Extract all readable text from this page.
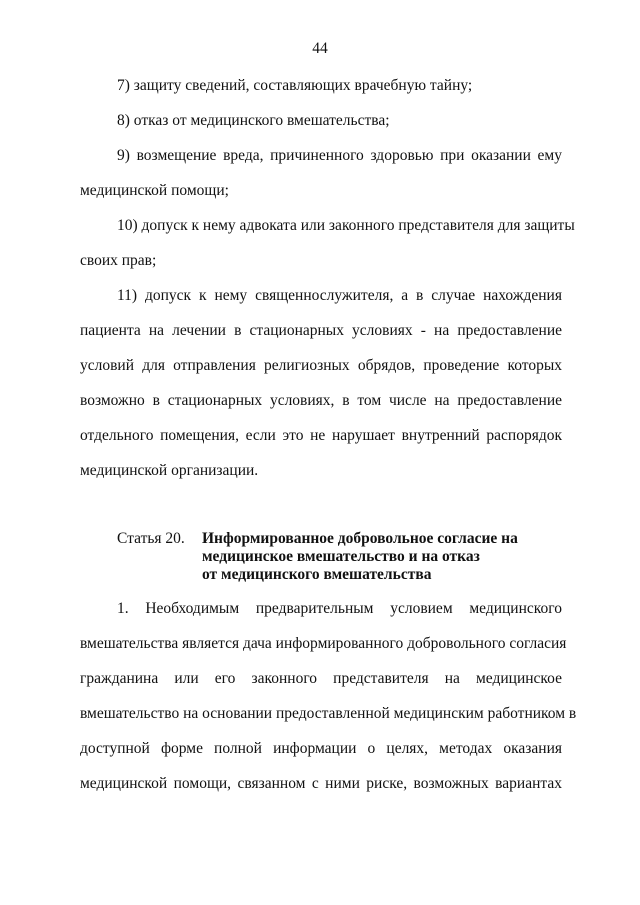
44

7) защиту сведений, составляющих врачебную тайну;

8) отказ от медицинского вмешательства;

9) возмещение вреда, причиненного здоровью при оказании ему

медицинской помощи;

10) допуск к нему адвоката или законного представителя для защиты

своих прав;

11) допуск к нему священнослужителя, а в случае нахождения

пациента на лечении в стационарных условиях - на предоставление

условий для отправления религиозных обрядов, проведение которых

возможно в стационарных условиях, в том числе на предоставление

отдельного помещения, если это не нарушает внутренний распорядок

медицинской организации.

Статья 20. Информированное добровольное согласие на

медицинское вмешательство и на отказ

от медицинского вмешательства

1. Необходимым предварительным условием медицинского

вмешательства является дача информированного добровольного согласия

гражданина или его законного представителя на медицинское

вмешательство на основании предоставленной медицинским работником в

доступной форме полной информации о целях, методах оказания

медицинской помощи, связанном с ними риске, возможных вариантах
